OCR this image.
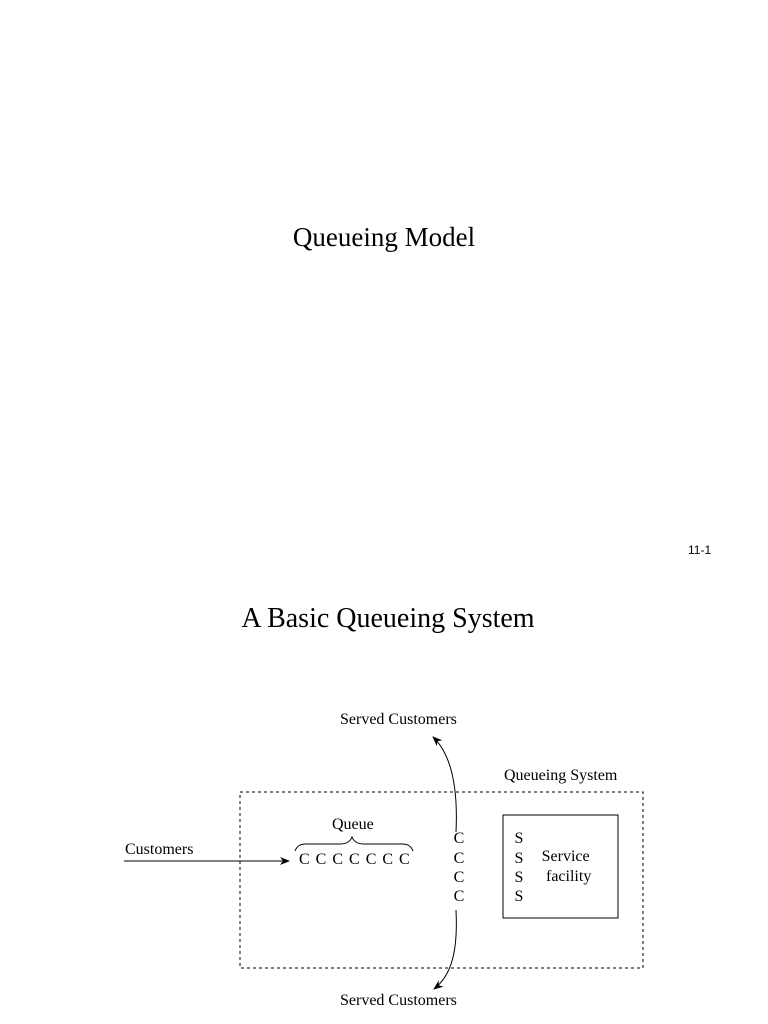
Queueing Model
11-1
A Basic Queueing System
Served Customers
Served Customers
Queueing System
Queue
Customers
C C C C C C C
C
C
C
C
S
S
S
S
Service
facility
